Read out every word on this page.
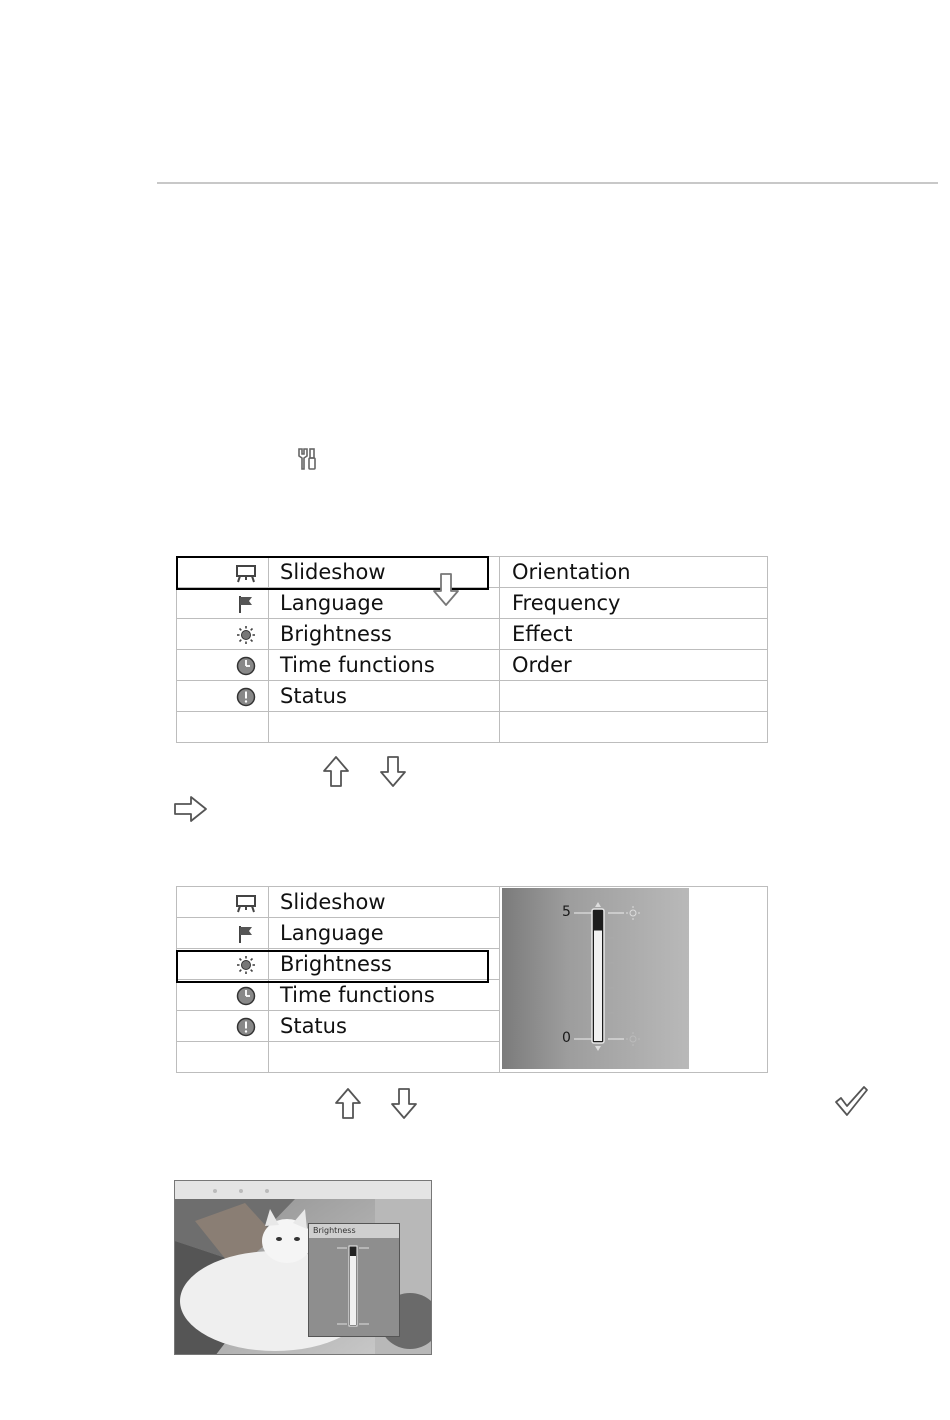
	Slideshow	Orientation
	Language	Frequency
	Brightness	Effect
	Time functions	Order
	Status	

	Slideshow	
	Language	
	Brightness	
	Time functions	
	Status	

5
0
Brightness
